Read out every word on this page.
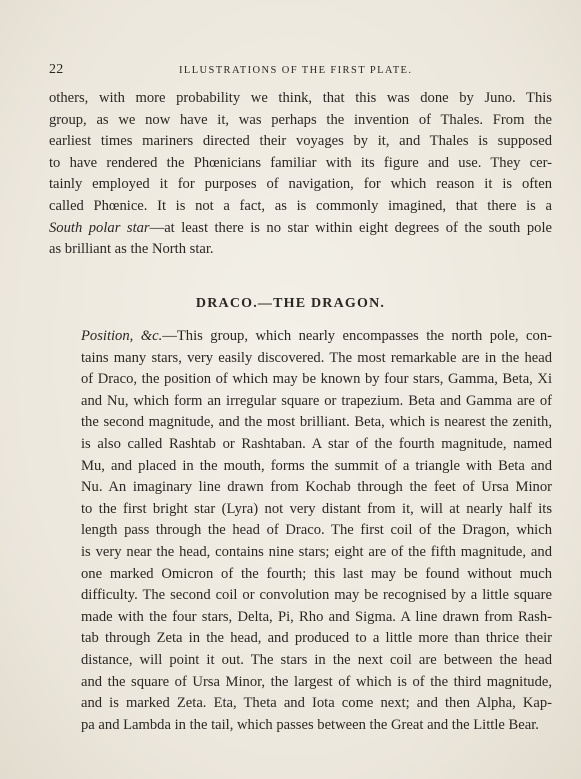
22	ILLUSTRATIONS OF THE FIRST PLATE.
others, with more probability we think, that this was done by Juno. This
group, as we now have it, was perhaps the invention of Thales. From the
earliest times mariners directed their voyages by it, and Thales is supposed
to have rendered the Phœnicians familiar with its figure and use. They cer-
tainly employed it for purposes of navigation, for which reason it is often
called Phœnice. It is not a fact, as is commonly imagined, that there is a
South polar star—at least there is no star within eight degrees of the south pole
as brilliant as the North star.
DRACO.—THE DRAGON.
Position, &c.—This group, which nearly encompasses the north pole, con-
tains many stars, very easily discovered. The most remarkable are in the head
of Draco, the position of which may be known by four stars, Gamma, Beta, Xi
and Nu, which form an irregular square or trapezium. Beta and Gamma are of
the second magnitude, and the most brilliant. Beta, which is nearest the zenith,
is also called Rashtab or Rashtaban. A star of the fourth magnitude, named
Mu, and placed in the mouth, forms the summit of a triangle with Beta and
Nu. An imaginary line drawn from Kochab through the feet of Ursa Minor
to the first bright star (Lyra) not very distant from it, will at nearly half its
length pass through the head of Draco. The first coil of the Dragon, which
is very near the head, contains nine stars; eight are of the fifth magnitude, and
one marked Omicron of the fourth; this last may be found without much
difficulty. The second coil or convolution may be recognised by a little square
made with the four stars, Delta, Pi, Rho and Sigma. A line drawn from Rash-
tab through Zeta in the head, and produced to a little more than thrice their
distance, will point it out. The stars in the next coil are between the head
and the square of Ursa Minor, the largest of which is of the third magnitude,
and is marked Zeta. Eta, Theta and Iota come next; and then Alpha, Kap-
pa and Lambda in the tail, which passes between the Great and the Little Bear.
